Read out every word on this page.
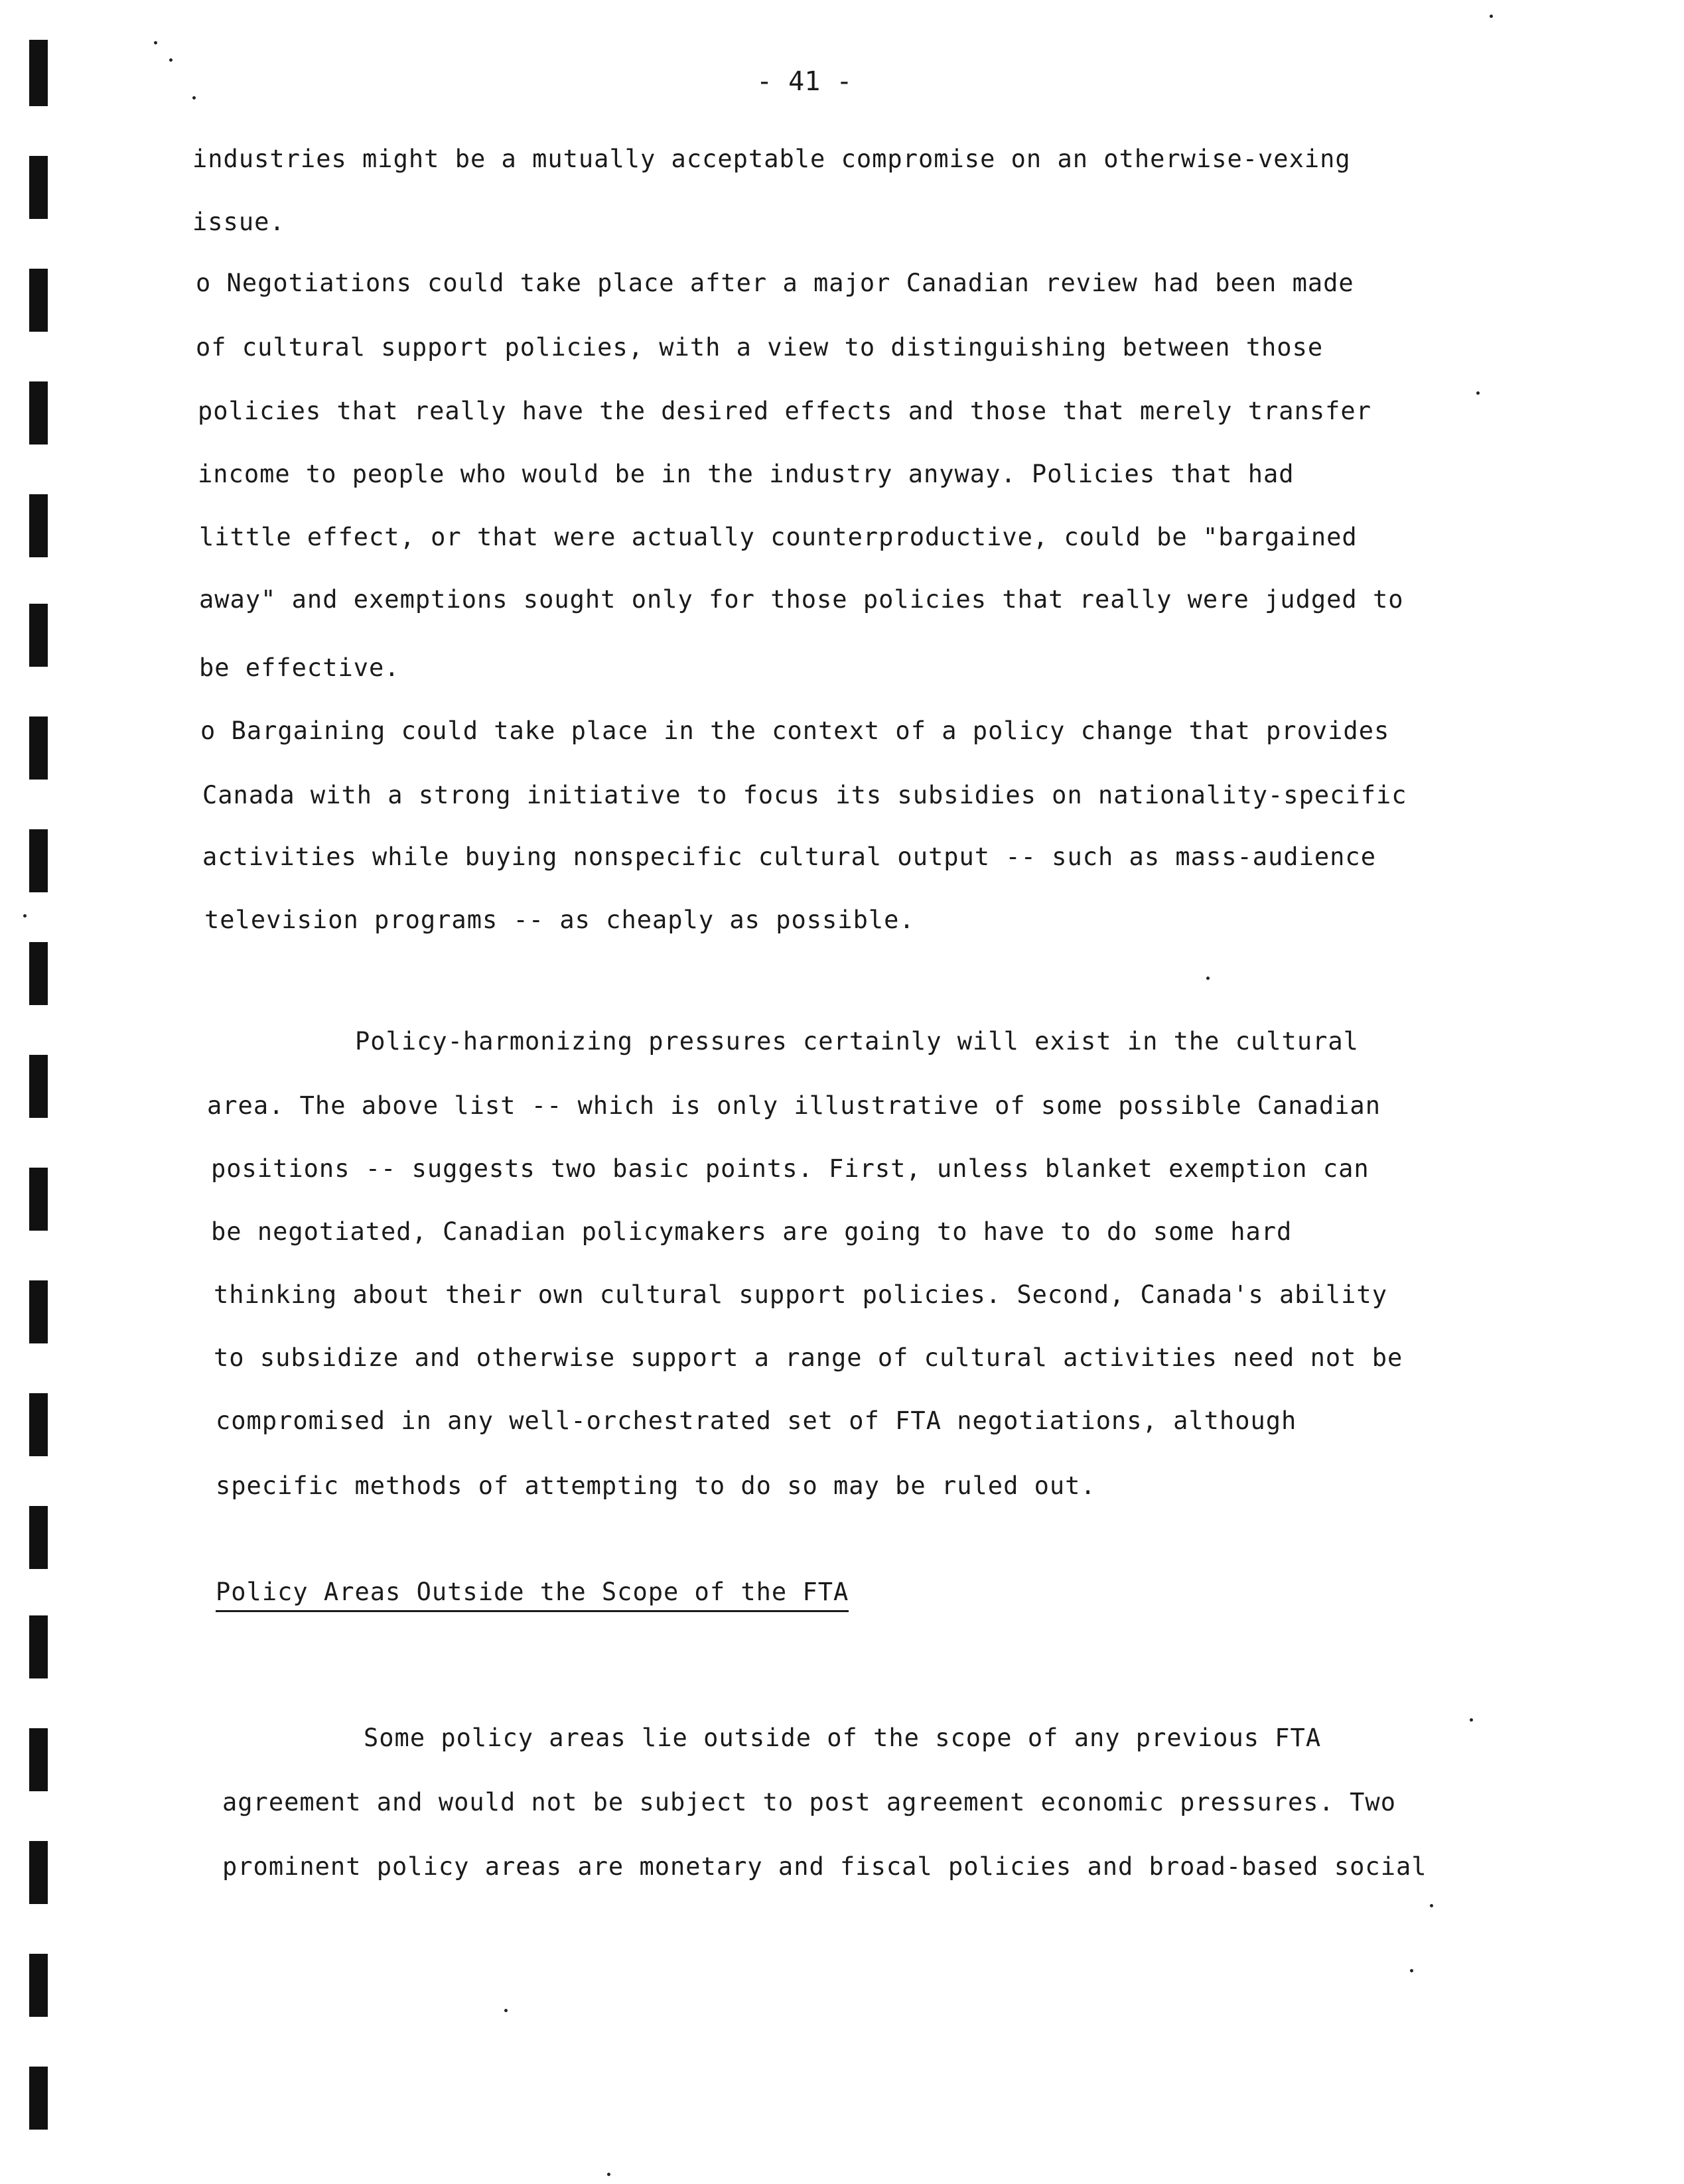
- 41 -
industries might be a mutually acceptable compromise on an otherwise-vexing
issue.
o Negotiations could take place after a major Canadian review had been made
of cultural support policies, with a view to distinguishing between those
policies that really have the desired effects and those that merely transfer
income to people who would be in the industry anyway. Policies that had
little effect, or that were actually counterproductive, could be "bargained
away" and exemptions sought only for those policies that really were judged to
be effective.
o Bargaining could take place in the context of a policy change that provides
Canada with a strong initiative to focus its subsidies on nationality-specific
activities while buying nonspecific cultural output -- such as mass-audience
television programs -- as cheaply as possible.
Policy-harmonizing pressures certainly will exist in the cultural
area. The above list -- which is only illustrative of some possible Canadian
positions -- suggests two basic points. First, unless blanket exemption can
be negotiated, Canadian policymakers are going to have to do some hard
thinking about their own cultural support policies. Second, Canada's ability
to subsidize and otherwise support a range of cultural activities need not be
compromised in any well-orchestrated set of FTA negotiations, although
specific methods of attempting to do so may be ruled out.
Policy Areas Outside the Scope of the FTA
Some policy areas lie outside of the scope of any previous FTA
agreement and would not be subject to post agreement economic pressures. Two
prominent policy areas are monetary and fiscal policies and broad-based social
